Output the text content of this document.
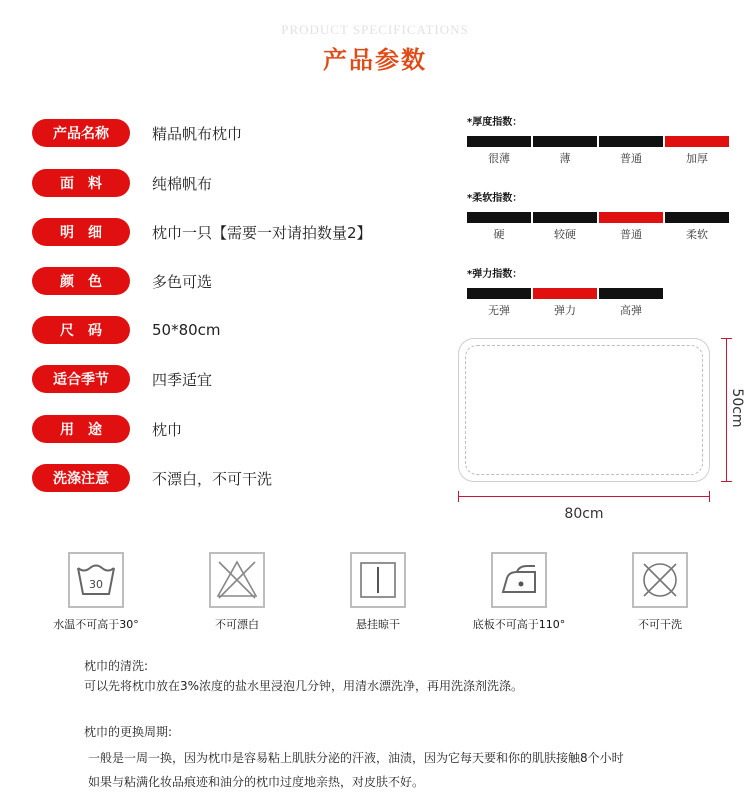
PRODUCT SPECIFICATIONS
产品参数
产品名称	精品帆布枕巾
面　料	纯棉帆布
明　细	枕巾一只【需要一对请拍数量2】
颜　色	多色可选
尺　码	50*80cm
适合季节	四季适宜
用　途	枕巾
洗涤注意	不漂白，不可干洗
*厚度指数：
很薄	薄	普通	加厚
*柔软指数：
硬	较硬	普通	柔软
*弹力指数：
无弹	弹力	高弹
80cm
50cm
30
水温不可高于30°	不可漂白	悬挂晾干	底板不可高于110°	不可干洗
枕巾的清洗:
可以先将枕巾放在3%浓度的盐水里浸泡几分钟，用清水漂洗净，再用洗涤剂洗涤。
枕巾的更换周期:
一般是一周一换，因为枕巾是容易粘上肌肤分泌的汗液，油渍，因为它每天要和你的肌肤接触8个小时
如果与粘满化妆品痕迹和油分的枕巾过度地亲热，对皮肤不好。
